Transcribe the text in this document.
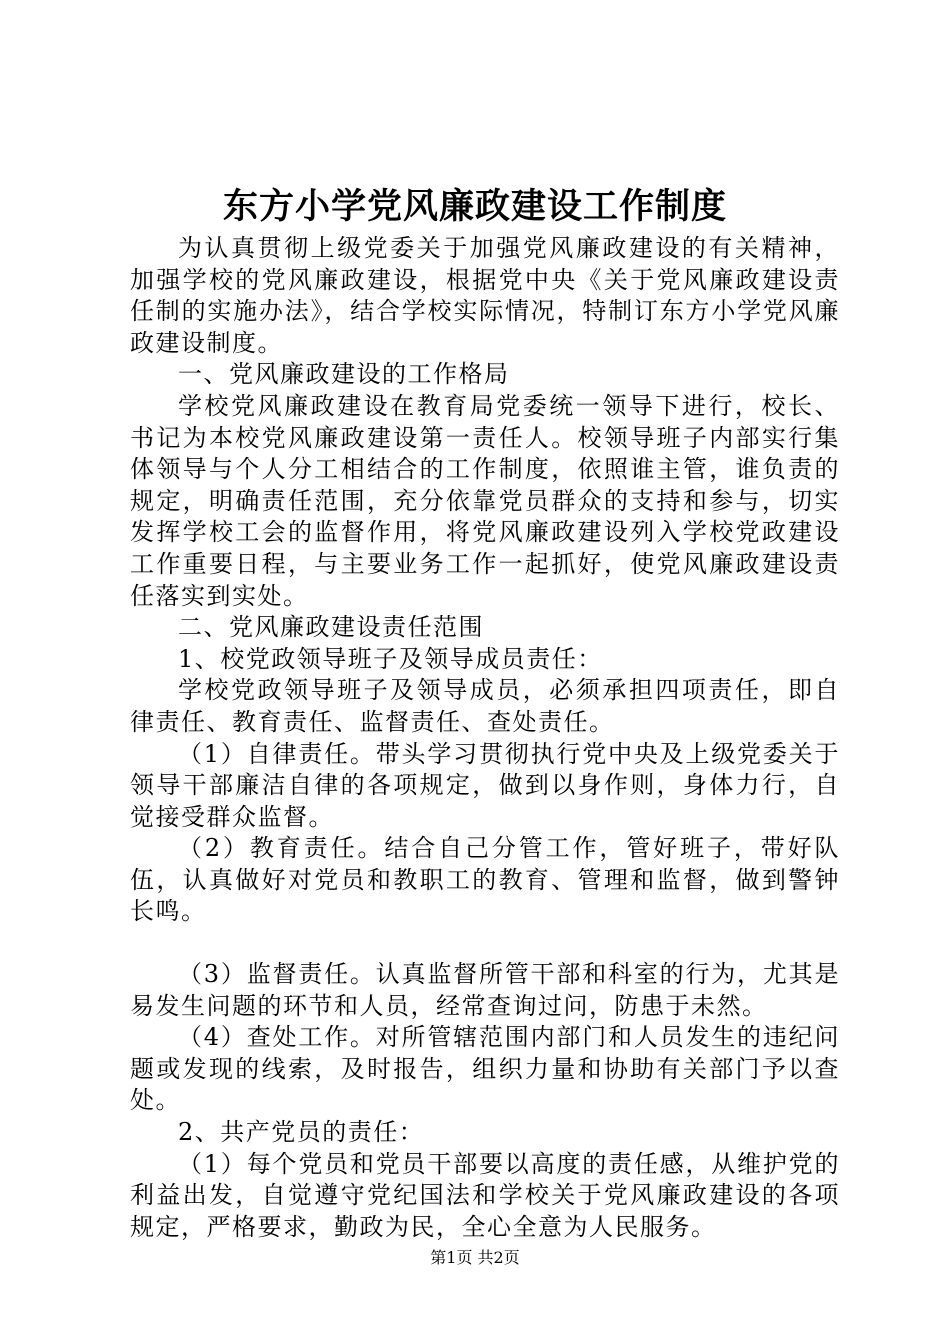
东方小学党风廉政建设工作制度

为认真贯彻上级党委关于加强党风廉政建设的有关精神，加强学校的党风廉政建设，根据党中央《关于党风廉政建设责任制的实施办法》，结合学校实际情况，特制订东方小学党风廉政建设制度。

一、党风廉政建设的工作格局

学校党风廉政建设在教育局党委统一领导下进行，校长、书记为本校党风廉政建设第一责任人。校领导班子内部实行集体领导与个人分工相结合的工作制度，依照谁主管，谁负责的规定，明确责任范围，充分依靠党员群众的支持和参与，切实发挥学校工会的监督作用，将党风廉政建设列入学校党政建设工作重要日程，与主要业务工作一起抓好，使党风廉政建设责任落实到实处。

二、党风廉政建设责任范围

1、校党政领导班子及领导成员责任：

学校党政领导班子及领导成员，必须承担四项责任，即自律责任、教育责任、监督责任、查处责任。

（1）自律责任。带头学习贯彻执行党中央及上级党委关于领导干部廉洁自律的各项规定，做到以身作则，身体力行，自觉接受群众监督。

（2）教育责任。结合自己分管工作，管好班子，带好队伍，认真做好对党员和教职工的教育、管理和监督，做到警钟长鸣。

（3）监督责任。认真监督所管干部和科室的行为，尤其是易发生问题的环节和人员，经常查询过问，防患于未然。

（4）查处工作。对所管辖范围内部门和人员发生的违纪问题或发现的线索，及时报告，组织力量和协助有关部门予以查处。

2、共产党员的责任：

（1）每个党员和党员干部要以高度的责任感，从维护党的利益出发，自觉遵守党纪国法和学校关于党风廉政建设的各项规定，严格要求，勤政为民，全心全意为人民服务。

第1页 共2页
